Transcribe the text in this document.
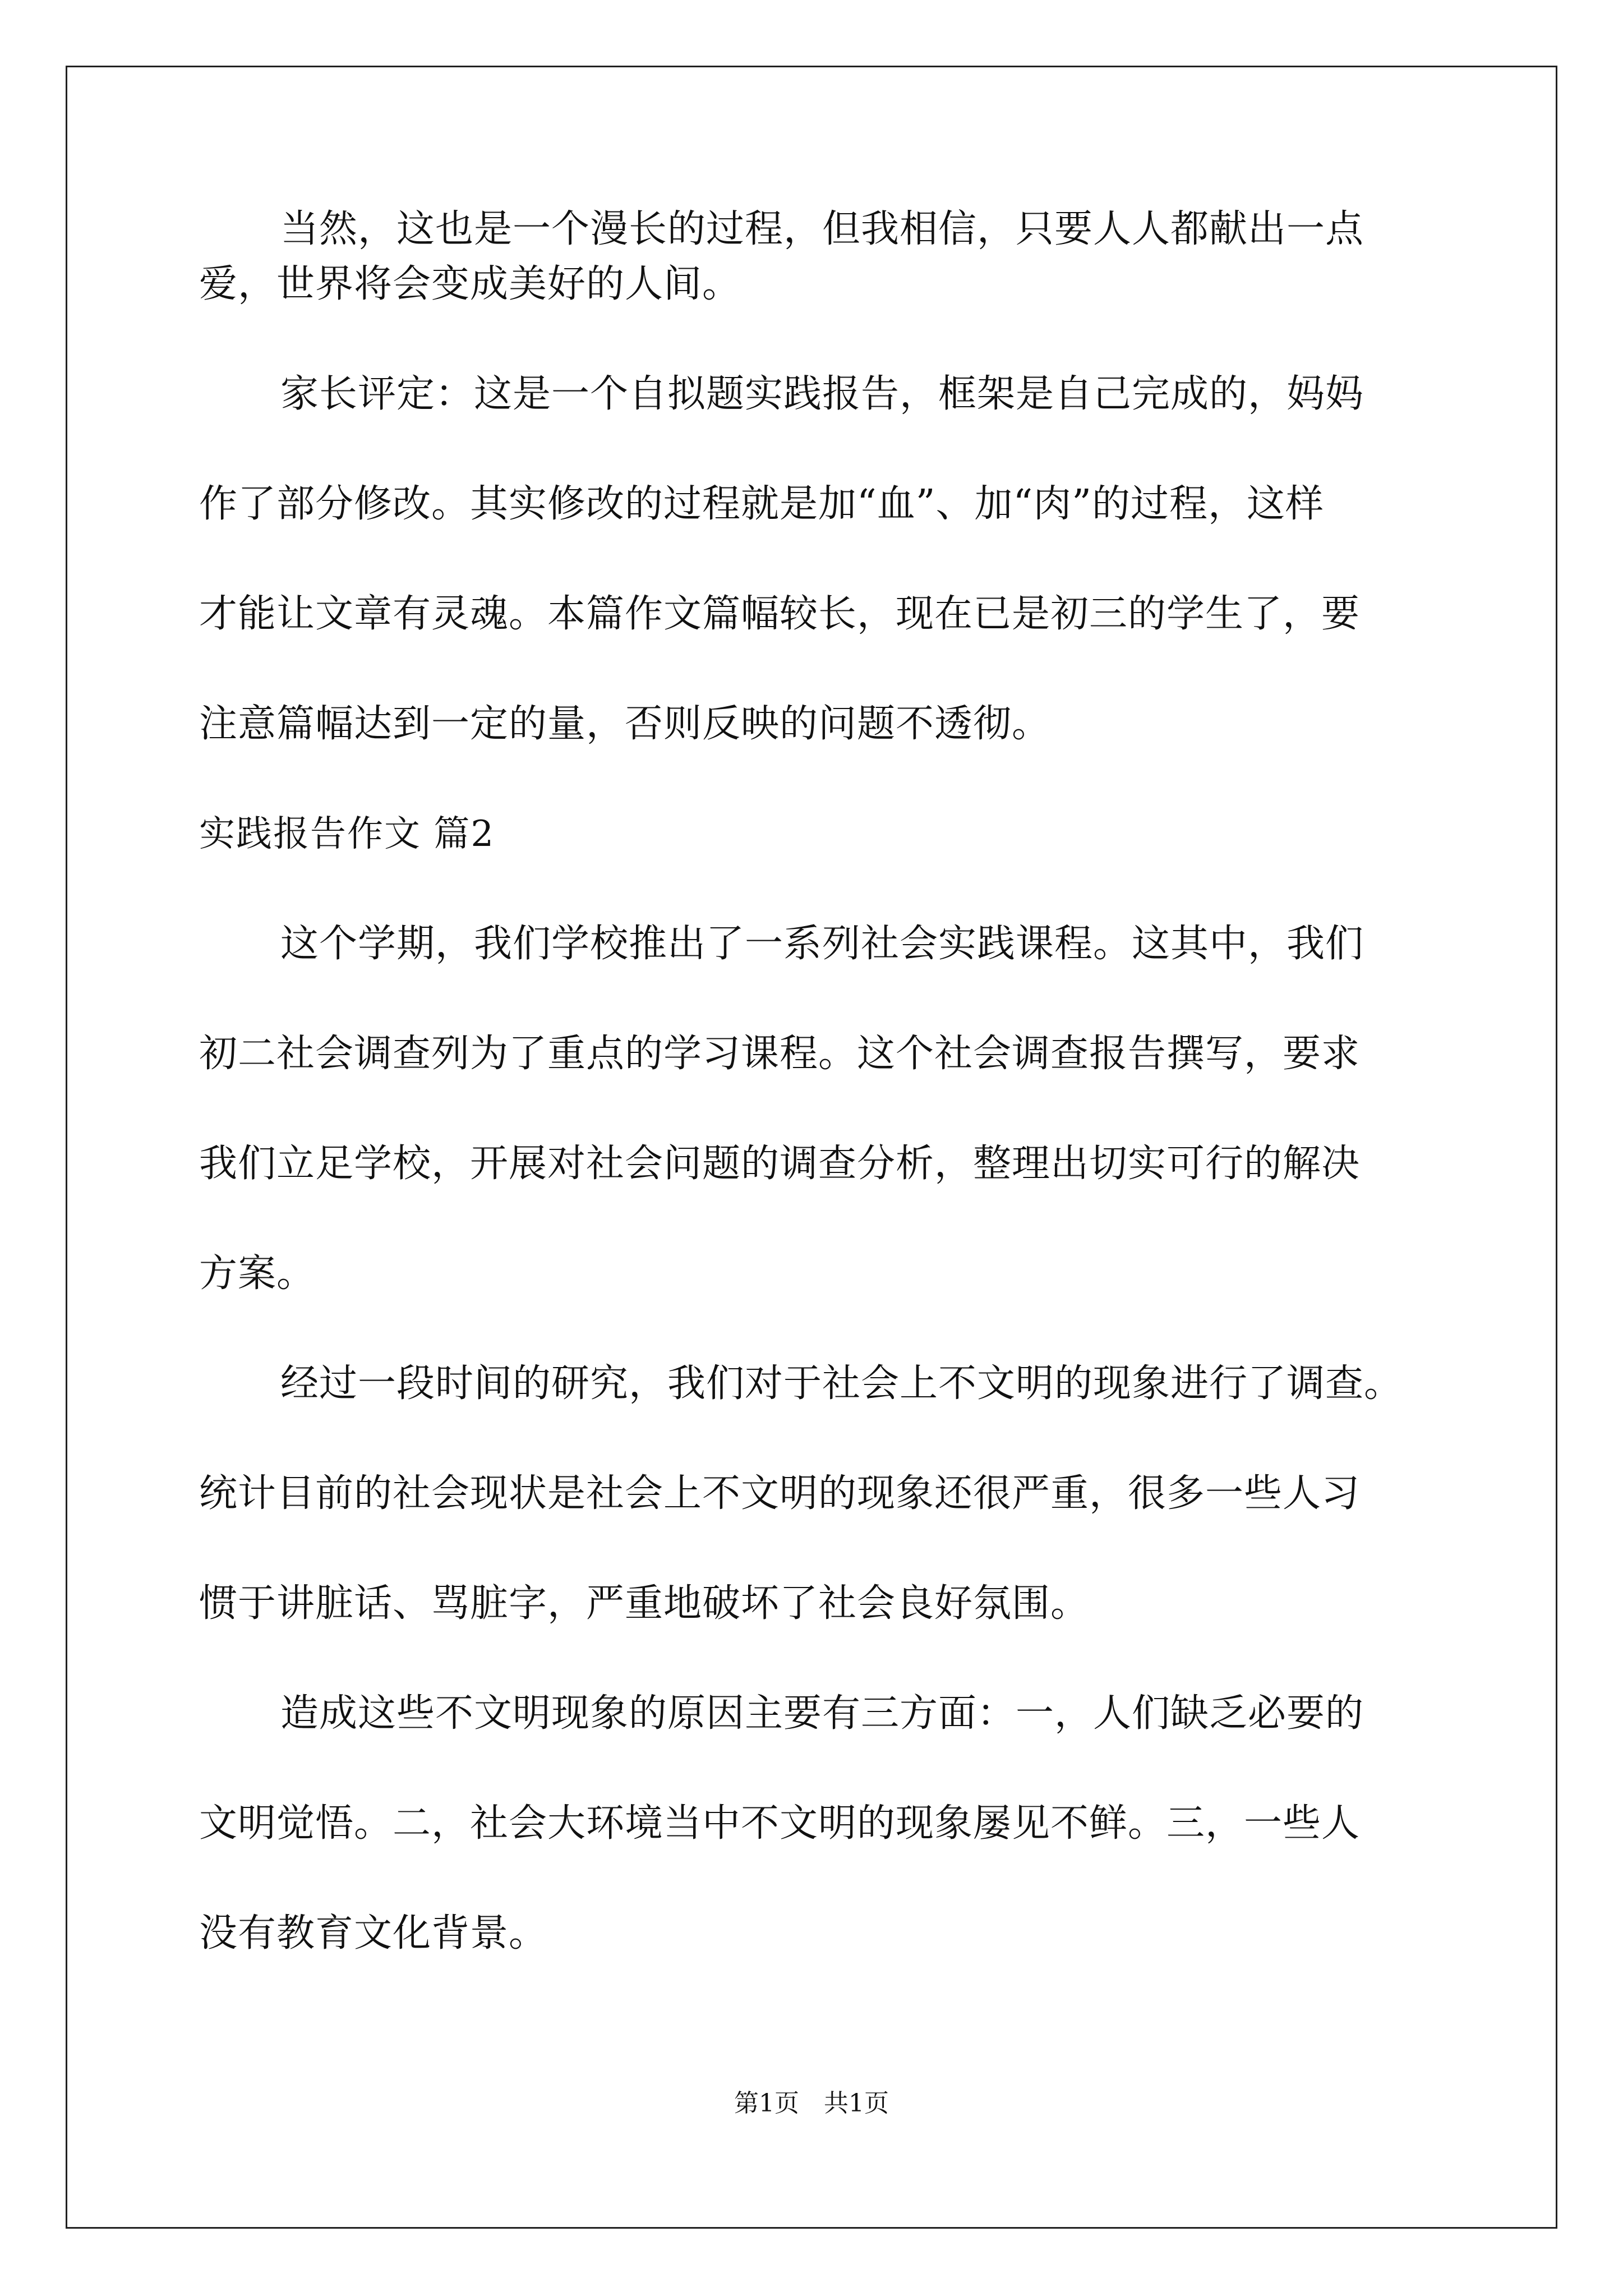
当然，这也是一个漫长的过程，但我相信，只要人人都献出一点
爱，世界将会变成美好的人间。
家长评定：这是一个自拟题实践报告，框架是自己完成的，妈妈
作了部分修改。其实修改的过程就是加“血”、加“肉”的过程，这样
才能让文章有灵魂。本篇作文篇幅较长，现在已是初三的学生了，要
注意篇幅达到一定的量，否则反映的问题不透彻。
实践报告作文 篇2
这个学期，我们学校推出了一系列社会实践课程。这其中，我们
初二社会调查列为了重点的学习课程。这个社会调查报告撰写，要求
我们立足学校，开展对社会问题的调查分析，整理出切实可行的解决
方案。
经过一段时间的研究，我们对于社会上不文明的现象进行了调查。
统计目前的社会现状是社会上不文明的现象还很严重，很多一些人习
惯于讲脏话、骂脏字，严重地破坏了社会良好氛围。
造成这些不文明现象的原因主要有三方面：一，人们缺乏必要的
文明觉悟。二，社会大环境当中不文明的现象屡见不鲜。三，一些人
没有教育文化背景。
第1页　共1页
